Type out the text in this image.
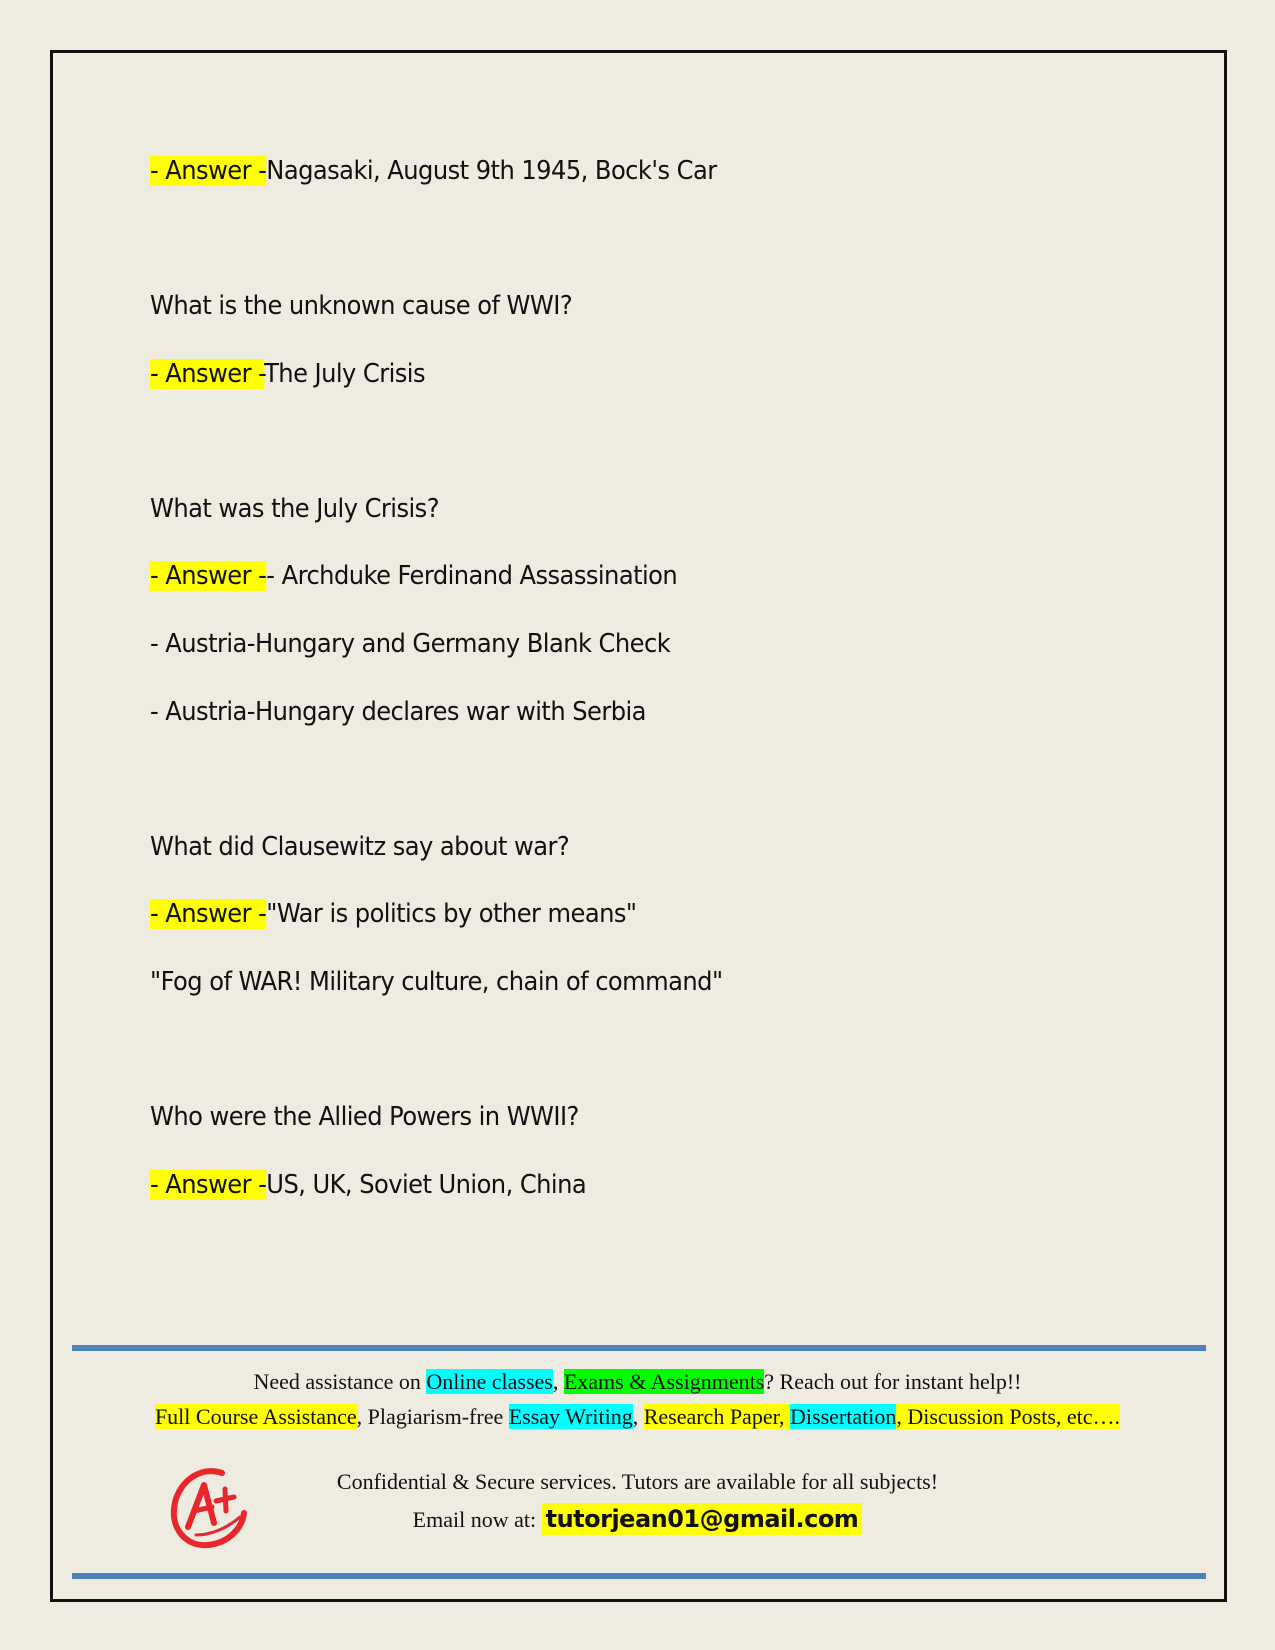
- Answer -Nagasaki, August 9th 1945, Bock's Car
What is the unknown cause of WWI?
- Answer -The July Crisis
What was the July Crisis?
- Answer -- Archduke Ferdinand Assassination
- Austria-Hungary and Germany Blank Check
- Austria-Hungary declares war with Serbia
What did Clausewitz say about war?
- Answer -"War is politics by other means"
"Fog of WAR! Military culture, chain of command"
Who were the Allied Powers in WWII?
- Answer -US, UK, Soviet Union, China
Need assistance on Online classes, Exams & Assignments? Reach out for instant help!!
Full Course Assistance, Plagiarism-free Essay Writing, Research Paper, Dissertation, Discussion Posts, etc….
Confidential & Secure services. Tutors are available for all subjects!
Email now at: tutorjean01@gmail.com
